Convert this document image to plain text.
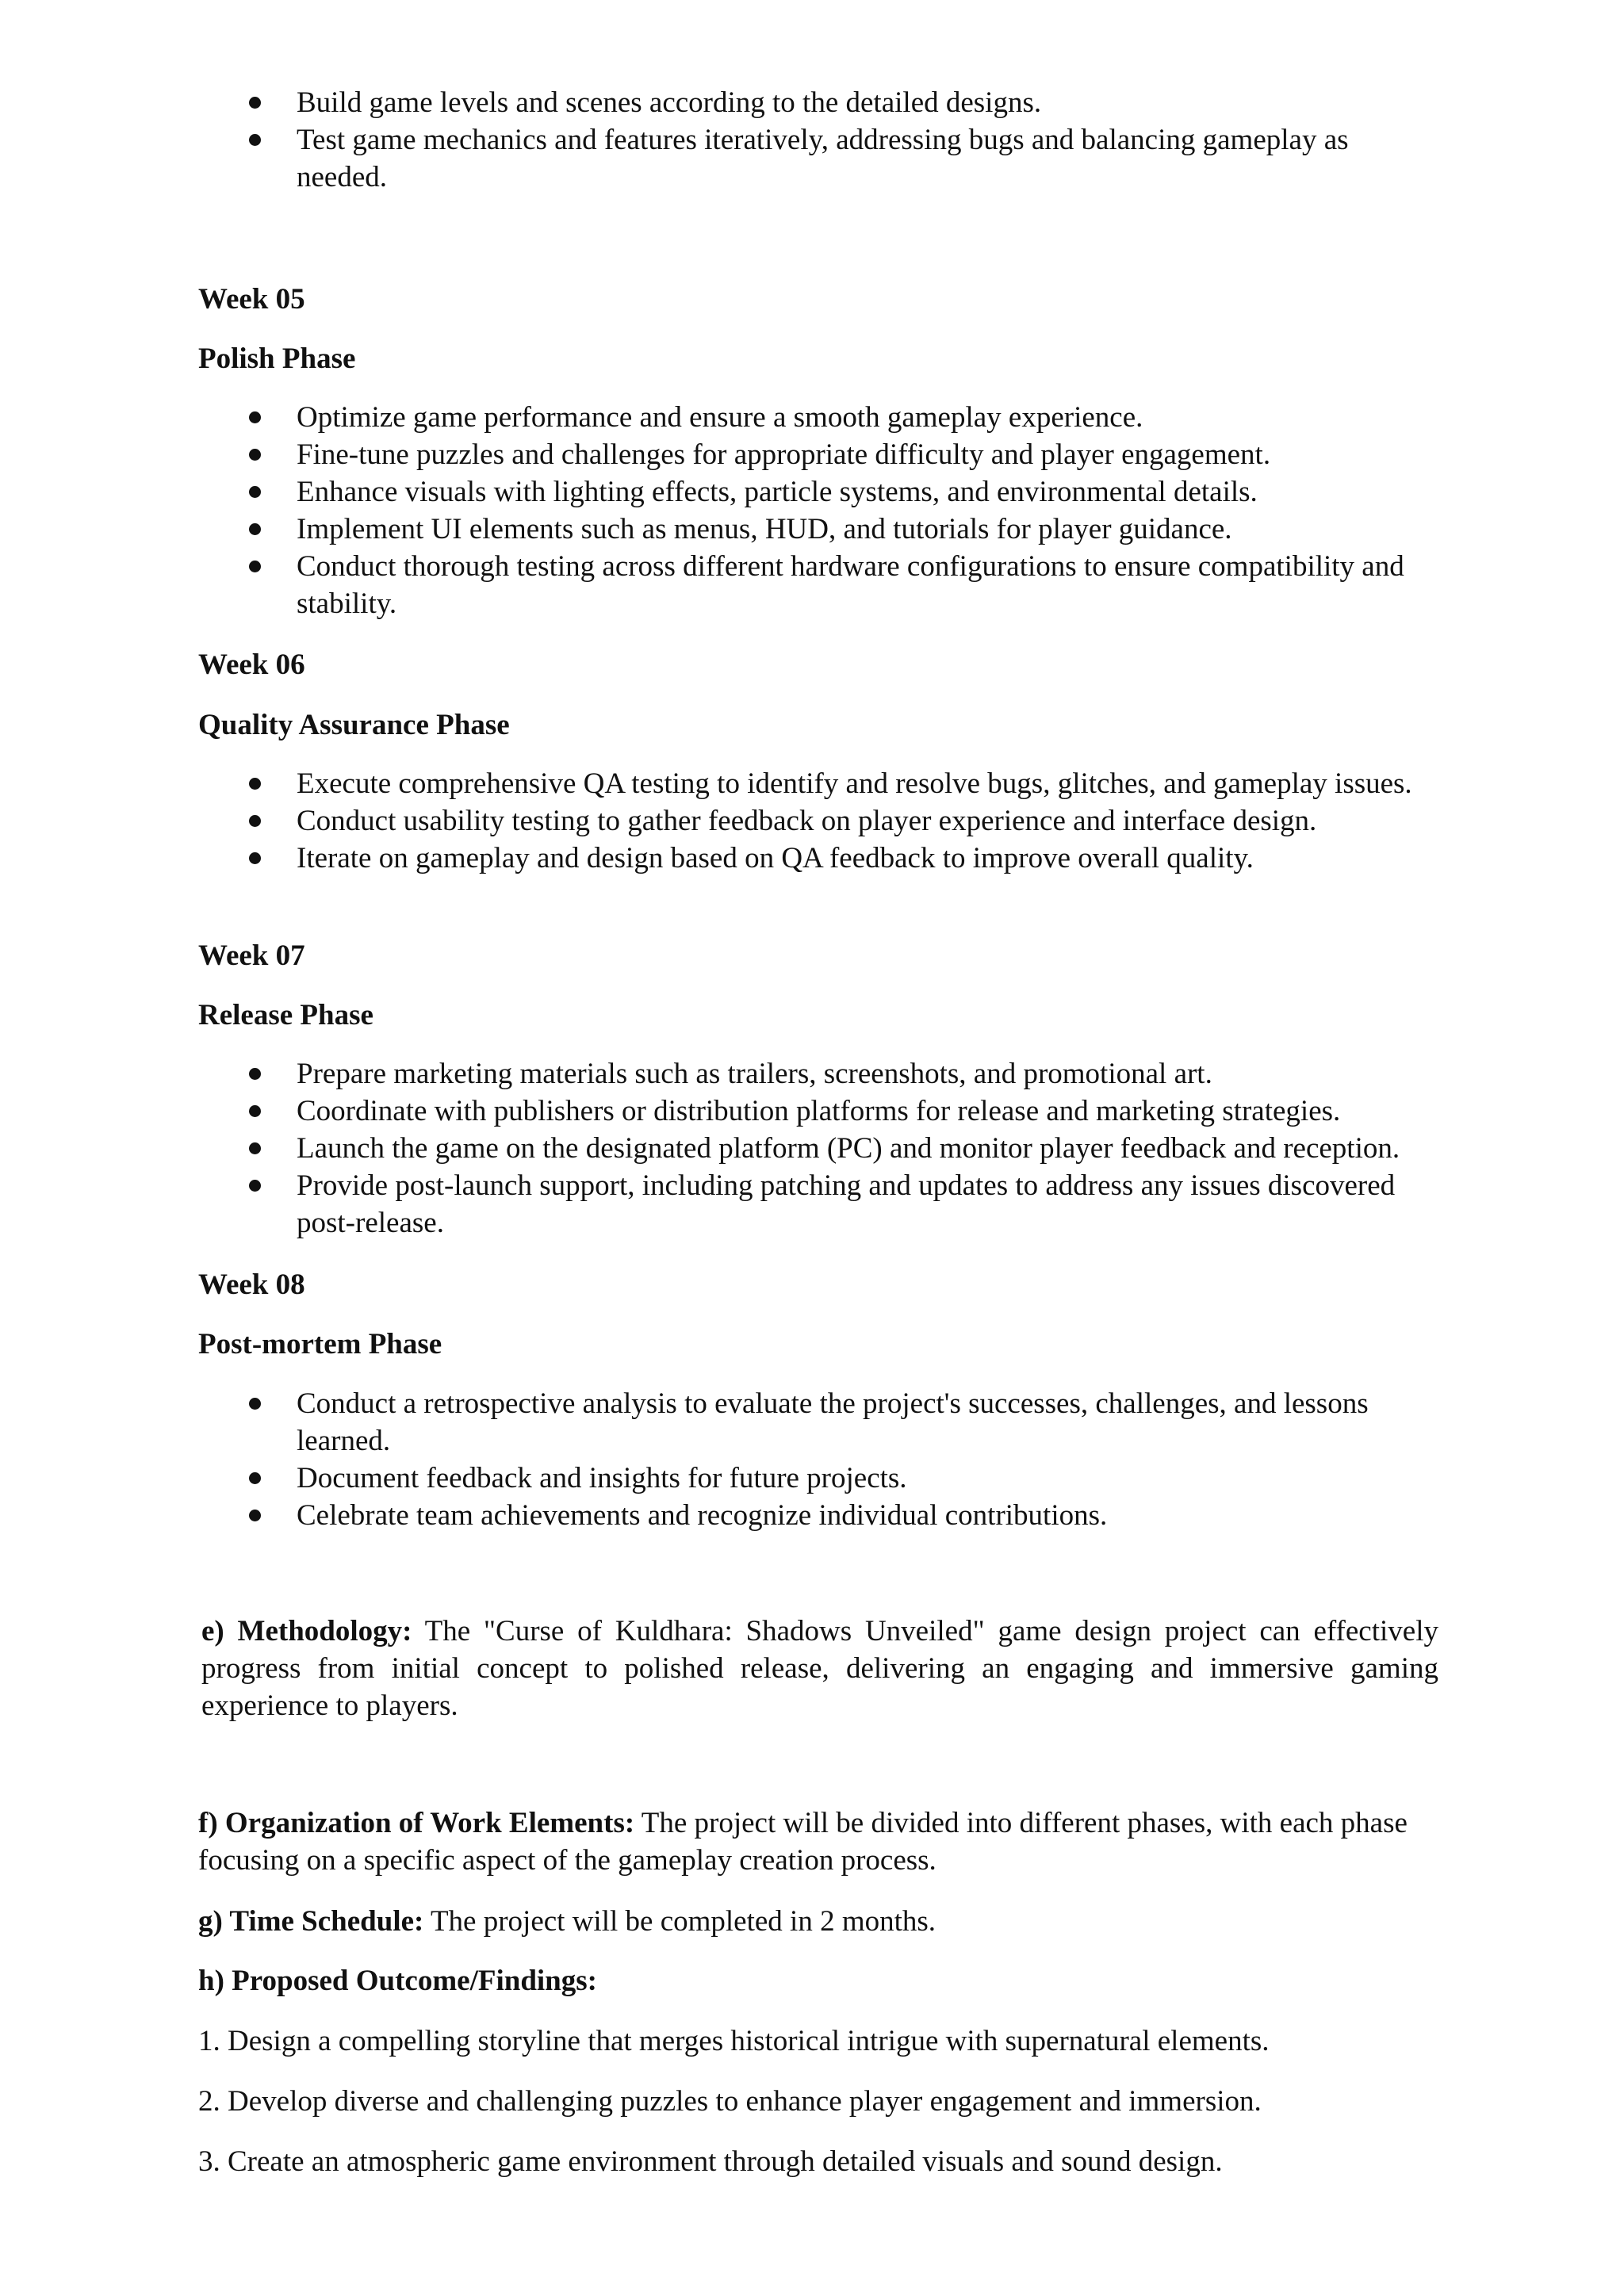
Build game levels and scenes according to the detailed designs.
Test game mechanics and features iteratively, addressing bugs and balancing gameplay as needed.
Week 05
Polish Phase
Optimize game performance and ensure a smooth gameplay experience.
Fine-tune puzzles and challenges for appropriate difficulty and player engagement.
Enhance visuals with lighting effects, particle systems, and environmental details.
Implement UI elements such as menus, HUD, and tutorials for player guidance.
Conduct thorough testing across different hardware configurations to ensure compatibility and stability.
Week 06
Quality Assurance Phase
Execute comprehensive QA testing to identify and resolve bugs, glitches, and gameplay issues.
Conduct usability testing to gather feedback on player experience and interface design.
Iterate on gameplay and design based on QA feedback to improve overall quality.
Week 07
Release Phase
Prepare marketing materials such as trailers, screenshots, and promotional art.
Coordinate with publishers or distribution platforms for release and marketing strategies.
Launch the game on the designated platform (PC) and monitor player feedback and reception.
Provide post-launch support, including patching and updates to address any issues discovered post-release.
Week 08
Post-mortem Phase
Conduct a retrospective analysis to evaluate the project's successes, challenges, and lessons learned.
Document feedback and insights for future projects.
Celebrate team achievements and recognize individual contributions.
e) Methodology: The "Curse of Kuldhara: Shadows Unveiled" game design project can effectively progress from initial concept to polished release, delivering an engaging and immersive gaming experience to players.
f) Organization of Work Elements: The project will be divided into different phases, with each phase focusing on a specific aspect of the gameplay creation process.
g) Time Schedule: The project will be completed in 2 months.
h) Proposed Outcome/Findings:
1. Design a compelling storyline that merges historical intrigue with supernatural elements.
2. Develop diverse and challenging puzzles to enhance player engagement and immersion.
3. Create an atmospheric game environment through detailed visuals and sound design.
